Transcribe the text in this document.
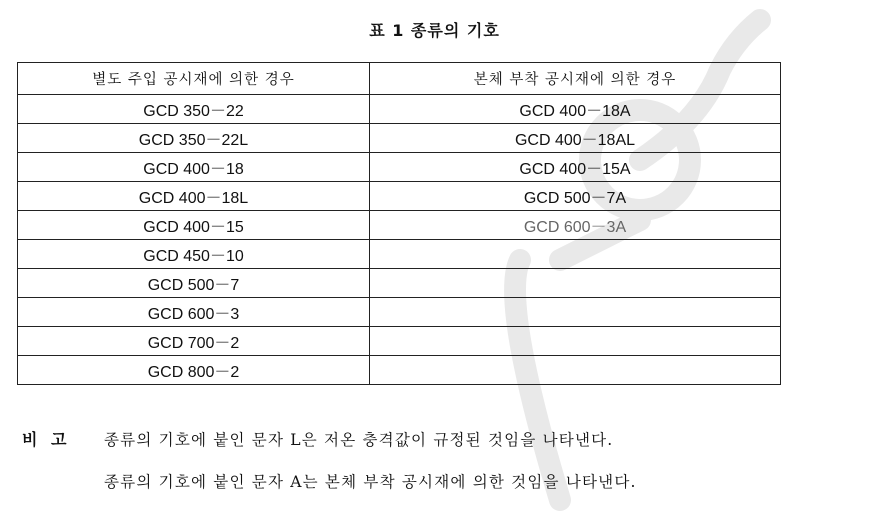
표 1 종류의 기호
별도 주입 공시재에 의한 경우	본체 부착 공시재에 의한 경우
GCD 350－22	GCD 400－18A
GCD 350－22L	GCD 400－18AL
GCD 400－18	GCD 400－15A
GCD 400－18L	GCD 500－7A
GCD 400－15	GCD 600－3A
GCD 450－10	
GCD 500－7	
GCD 600－3	
GCD 700－2	
GCD 800－2	
비 고	종류의 기호에 붙인 문자 L은 저온 충격값이 규정된 것임을 나타낸다.
종류의 기호에 붙인 문자 A는 본체 부착 공시재에 의한 것임을 나타낸다.
